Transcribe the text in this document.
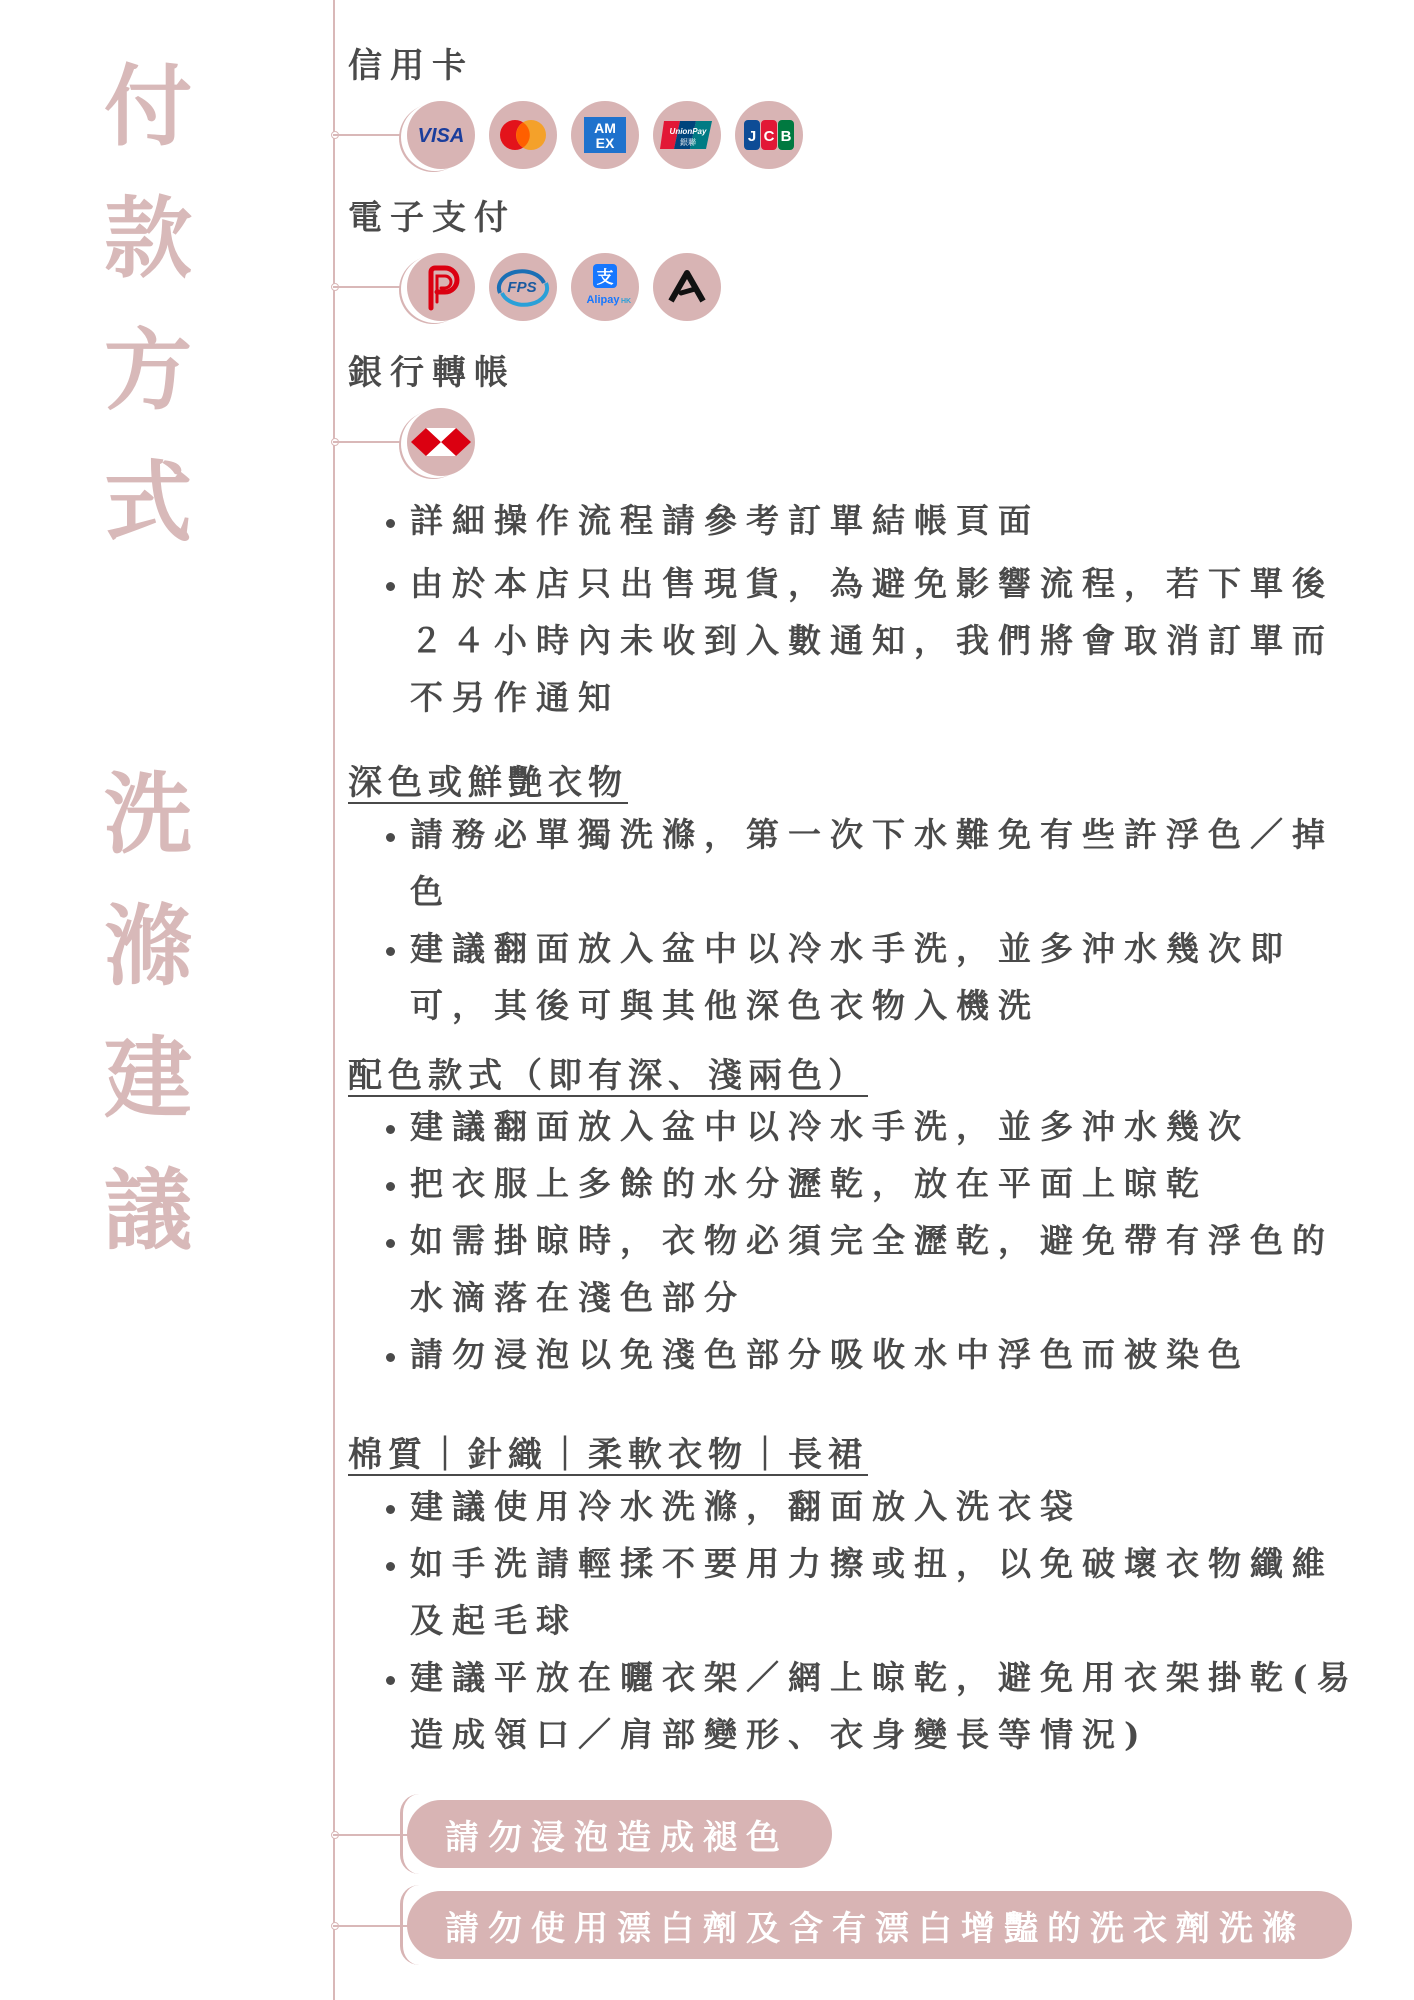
付款
方式
洗滌
建議
信用卡
VISA	AM
EX
UnionPay
銀聯	J C B
電子支付
FPS	支
Alipay HK
銀行轉帳
• 詳細操作流程請參考訂單結帳頁面
• 由於本店只出售現貨，為避免影響流程，若下單後２４小時內未收到入數通知，我們將會取消訂單而不另作通知
深色或鮮艷衣物
• 請務必單獨洗滌，第一次下水難免有些許浮色／掉色
• 建議翻面放入盆中以冷水手洗，並多沖水幾次即可，其後可與其他深色衣物入機洗
配色款式（即有深、淺兩色）
• 建議翻面放入盆中以冷水手洗，並多沖水幾次
• 把衣服上多餘的水分瀝乾，放在平面上晾乾
• 如需掛晾時，衣物必須完全瀝乾，避免帶有浮色的水滴落在淺色部分
• 請勿浸泡以免淺色部分吸收水中浮色而被染色
棉質｜針織｜柔軟衣物｜長裙
• 建議使用冷水洗滌，翻面放入洗衣袋
• 如手洗請輕揉不要用力擦或扭，以免破壞衣物纖維及起毛球
• 建議平放在曬衣架／網上晾乾，避免用衣架掛乾(易造成領口／肩部變形、衣身變長等情況)
請勿浸泡造成褪色
請勿使用漂白劑及含有漂白增豔的洗衣劑洗滌
